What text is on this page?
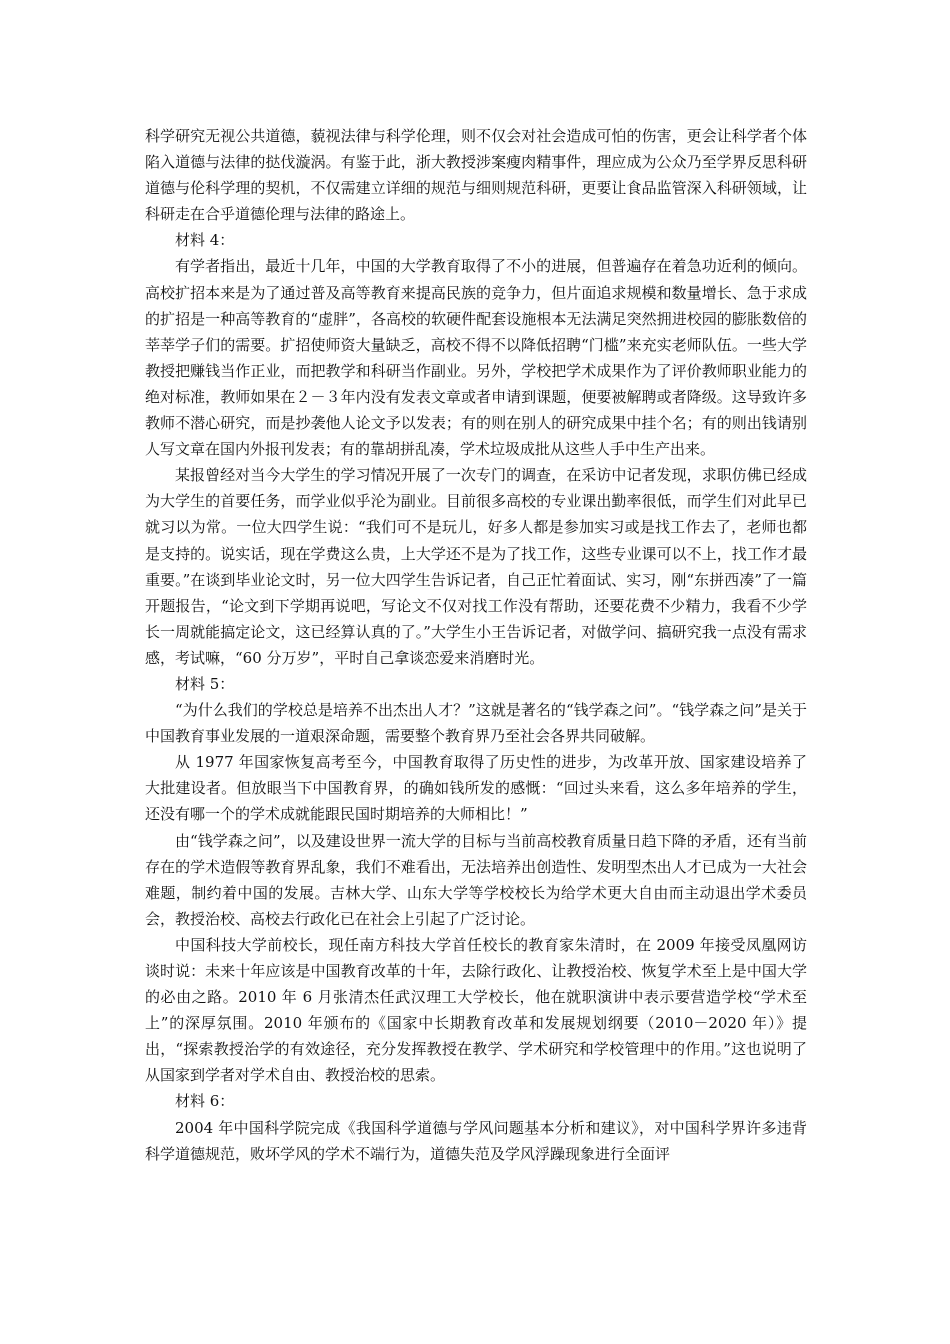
科学研究无视公共道德，藐视法律与科学伦理，则不仅会对社会造成可怕的伤害，更会让科学者个体陷入道德与法律的挞伐漩涡。有鉴于此，浙大教授涉案瘦肉精事件，理应成为公众乃至学界反思科研道德与伦科学理的契机，不仅需建立详细的规范与细则规范科研，更要让食品监管深入科研领域，让科研走在合乎道德伦理与法律的路途上。

材料 4：

有学者指出，最近十几年，中国的大学教育取得了不小的进展，但普遍存在着急功近利的倾向。高校扩招本来是为了通过普及高等教育来提高民族的竞争力，但片面追求规模和数量增长、急于求成的扩招是一种高等教育的“虚胖”，各高校的软硬件配套设施根本无法满足突然拥进校园的膨胀数倍的莘莘学子们的需要。扩招使师资大量缺乏，高校不得不以降低招聘“门槛”来充实老师队伍。一些大学教授把赚钱当作正业，而把教学和科研当作副业。另外，学校把学术成果作为了评价教师职业能力的绝对标准，教师如果在２－３年内没有发表文章或者申请到课题，便要被解聘或者降级。这导致许多教师不潜心研究，而是抄袭他人论文予以发表；有的则在别人的研究成果中挂个名；有的则出钱请别人写文章在国内外报刊发表；有的靠胡拼乱凑，学术垃圾成批从这些人手中生产出来。

某报曾经对当今大学生的学习情况开展了一次专门的调查，在采访中记者发现，求职仿佛已经成为大学生的首要任务，而学业似乎沦为副业。目前很多高校的专业课出勤率很低，而学生们对此早已就习以为常。一位大四学生说：“我们可不是玩儿，好多人都是参加实习或是找工作去了，老师也都是支持的。说实话，现在学费这么贵，上大学还不是为了找工作，这些专业课可以不上，找工作才最重要。”在谈到毕业论文时，另一位大四学生告诉记者，自己正忙着面试、实习，刚“东拼西凑”了一篇开题报告，“论文到下学期再说吧，写论文不仅对找工作没有帮助，还要花费不少精力，我看不少学长一周就能搞定论文，这已经算认真的了。”大学生小王告诉记者，对做学问、搞研究我一点没有需求感，考试嘛，“60 分万岁”，平时自己拿谈恋爱来消磨时光。

材料 5：

“为什么我们的学校总是培养不出杰出人才？”这就是著名的“钱学森之问”。“钱学森之问”是关于中国教育事业发展的一道艰深命题，需要整个教育界乃至社会各界共同破解。

从 1977 年国家恢复高考至今，中国教育取得了历史性的进步，为改革开放、国家建设培养了大批建设者。但放眼当下中国教育界，的确如钱所发的感慨：“回过头来看，这么多年培养的学生，还没有哪一个的学术成就能跟民国时期培养的大师相比！”

由“钱学森之问”，以及建设世界一流大学的目标与当前高校教育质量日趋下降的矛盾，还有当前存在的学术造假等教育界乱象，我们不难看出，无法培养出创造性、发明型杰出人才已成为一大社会难题，制约着中国的发展。吉林大学、山东大学等学校校长为给学术更大自由而主动退出学术委员会，教授治校、高校去行政化已在社会上引起了广泛讨论。

中国科技大学前校长，现任南方科技大学首任校长的教育家朱清时，在 2009 年接受凤凰网访谈时说：未来十年应该是中国教育改革的十年，去除行政化、让教授治校、恢复学术至上是中国大学的必由之路。2010 年 6 月张清杰任武汉理工大学校长，他在就职演讲中表示要营造学校“学术至上”的深厚氛围。2010 年颁布的《国家中长期教育改革和发展规划纲要（2010－2020 年）》提出，“探索教授治学的有效途径，充分发挥教授在教学、学术研究和学校管理中的作用。”这也说明了从国家到学者对学术自由、教授治校的思索。

材料 6：

2004 年中国科学院完成《我国科学道德与学风问题基本分析和建议》，对中国科学界许多违背科学道德规范，败坏学风的学术不端行为，道德失范及学风浮躁现象进行全面评
